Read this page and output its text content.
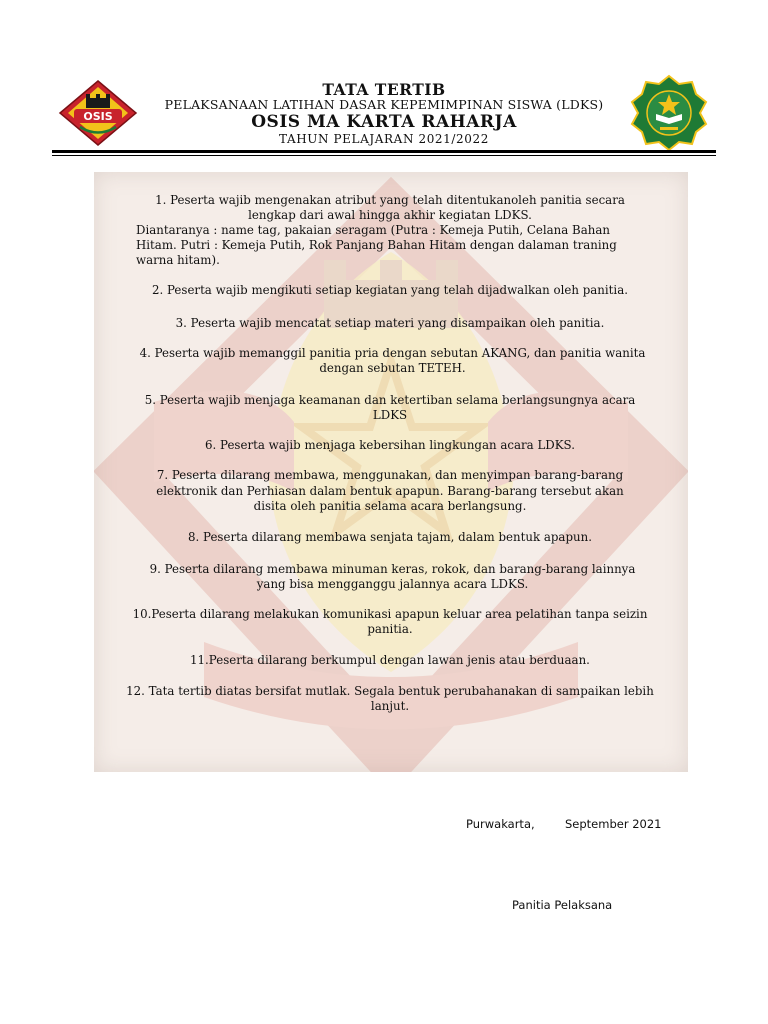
OSIS
TATA TERTIB
PELAKSANAAN LATIHAN DASAR KEPEMIMPINAN SISWA (LDKS)
OSIS MA KARTA RAHARJA
TAHUN PELAJARAN 2021/2022
1. Peserta wajib mengenakan atribut yang telah ditentukanoleh panitia secara
lengkap dari awal hingga akhir kegiatan LDKS.
Diantaranya : name tag, pakaian seragam (Putra : Kemeja Putih, Celana Bahan
Hitam. Putri : Kemeja Putih, Rok Panjang Bahan Hitam dengan dalaman traning
warna hitam).
2. Peserta wajib mengikuti setiap kegiatan yang telah dijadwalkan oleh panitia.
3. Peserta wajib mencatat setiap materi yang disampaikan oleh panitia.
4. Peserta wajib memanggil panitia pria dengan sebutan AKANG, dan panitia wanita
dengan sebutan TETEH.
5. Peserta wajib menjaga keamanan dan ketertiban selama berlangsungnya acara
LDKS
6. Peserta wajib menjaga kebersihan lingkungan acara LDKS.
7. Peserta dilarang membawa, menggunakan, dan menyimpan barang-barang
elektronik dan Perhiasan dalam bentuk apapun. Barang-barang tersebut akan
disita oleh panitia selama acara berlangsung.
8. Peserta dilarang membawa senjata tajam, dalam bentuk apapun.
9. Peserta dilarang membawa minuman keras, rokok, dan barang-barang lainnya
yang bisa mengganggu jalannya acara LDKS.
10.Peserta dilarang melakukan komunikasi apapun keluar area pelatihan tanpa seizin
panitia.
11.Peserta dilarang berkumpul dengan lawan jenis atau berduaan.
12. Tata tertib diatas bersifat mutlak. Segala bentuk perubahanakan di sampaikan lebih
lanjut.
Purwakarta,	September 2021
Panitia Pelaksana
